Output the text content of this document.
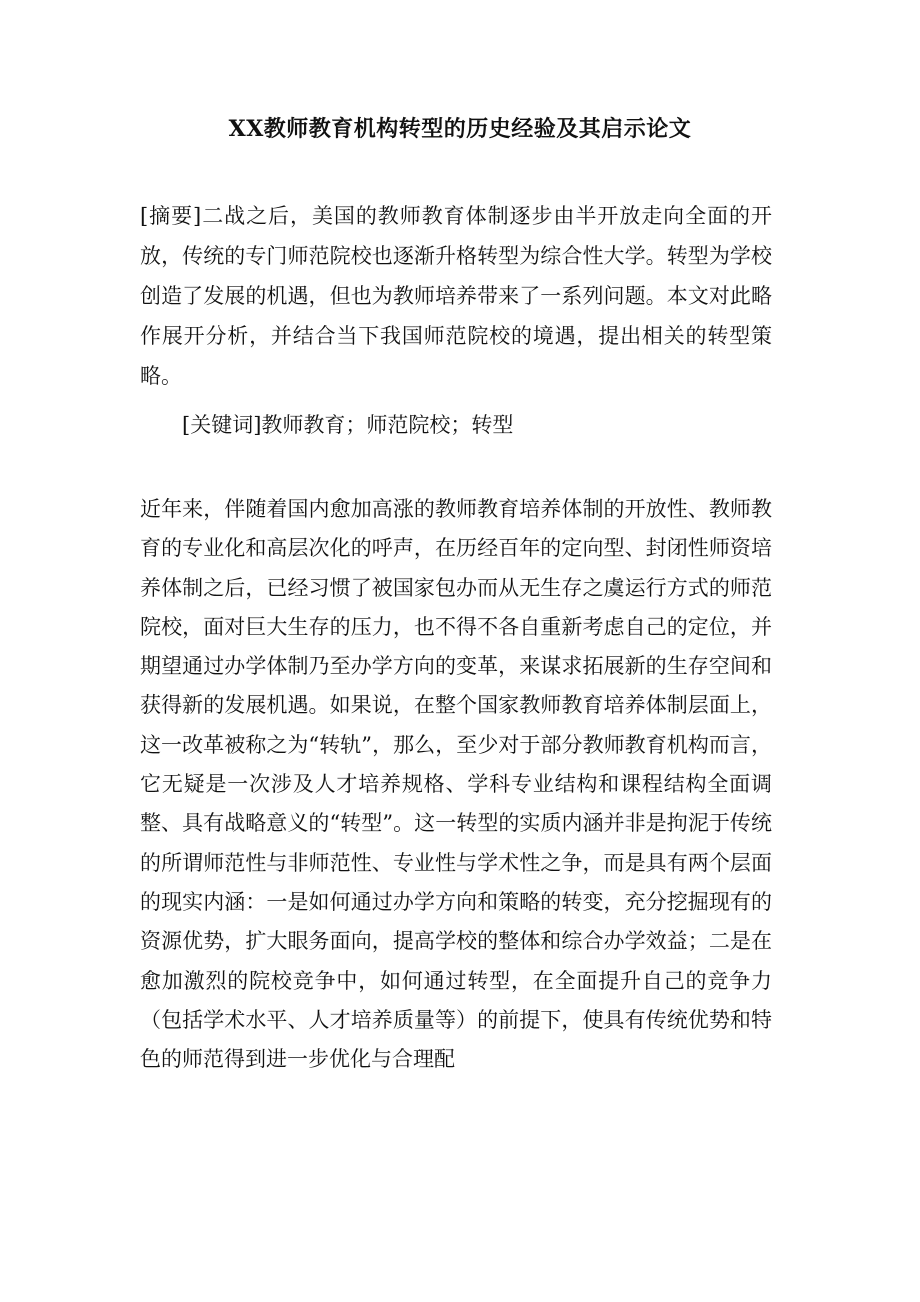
XX教师教育机构转型的历史经验及其启示论文

[摘要]二战之后，美国的教师教育体制逐步由半开放走向全面的开放，传统的专门师范院校也逐渐升格转型为综合性大学。转型为学校创造了发展的机遇，但也为教师培养带来了一系列问题。本文对此略作展开分析，并结合当下我国师范院校的境遇，提出相关的转型策略。

[关键词]教师教育；师范院校；转型

近年来，伴随着国内愈加高涨的教师教育培养体制的开放性、教师教育的专业化和高层次化的呼声，在历经百年的定向型、封闭性师资培养体制之后，已经习惯了被国家包办而从无生存之虞运行方式的师范院校，面对巨大生存的压力，也不得不各自重新考虑自己的定位，并期望通过办学体制乃至办学方向的变革，来谋求拓展新的生存空间和获得新的发展机遇。如果说，在整个国家教师教育培养体制层面上，这一改革被称之为“转轨”，那么，至少对于部分教师教育机构而言，它无疑是一次涉及人才培养规格、学科专业结构和课程结构全面调整、具有战略意义的“转型”。这一转型的实质内涵并非是拘泥于传统的所谓师范性与非师范性、专业性与学术性之争，而是具有两个层面的现实内涵：一是如何通过办学方向和策略的转变，充分挖掘现有的资源优势，扩大眼务面向，提高学校的整体和综合办学效益；二是在愈加激烈的院校竞争中，如何通过转型，在全面提升自己的竞争力（包括学术水平、人才培养质量等）的前提下，使具有传统优势和特色的师范得到进一步优化与合理配
